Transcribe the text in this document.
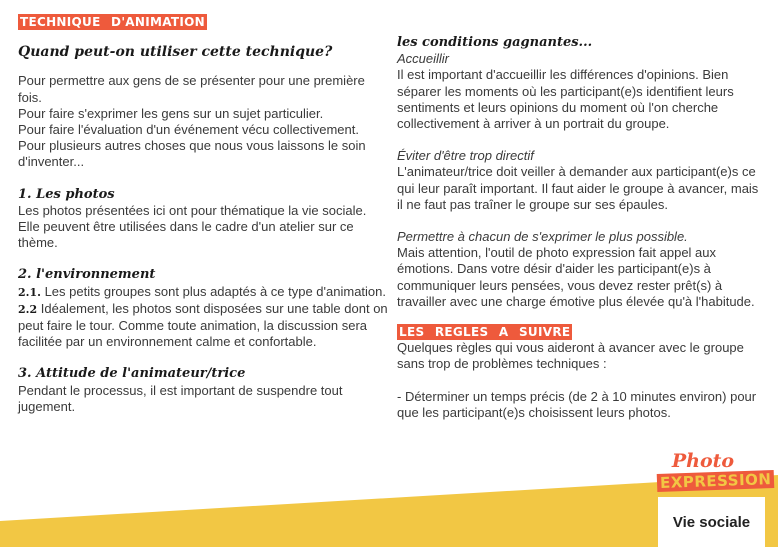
TECHNIQUE D'ANIMATION

Quand peut-on utiliser cette technique?

Pour permettre aux gens de se présenter pour une première fois.

Pour faire s'exprimer les gens sur un sujet particulier.

Pour faire l'évaluation d'un événement vécu collectivement.

Pour plusieurs autres choses que nous vous laissons le soin d'inventer...

1. Les photos

Les photos présentées ici ont pour thématique la vie sociale. Elle peuvent être utilisées dans le cadre d'un atelier sur ce thème.

2. l'environnement

2.1. Les petits groupes sont plus adaptés à ce type d'animation.

2.2 Idéalement, les photos sont disposées sur une table dont on peut faire le tour. Comme toute animation, la discussion sera facilitée par un environnement calme et confortable.

3. Attitude de l'animateur/trice

Pendant le processus, il est important de suspendre tout jugement.

les conditions gagnantes...

Accueillir

Il est important d'accueillir les différences d'opinions. Bien séparer les moments où les participant(e)s identifient leurs sentiments et leurs opinions du moment où l'on cherche collectivement à arriver à un portrait du groupe.

Éviter d'être trop directif

L'animateur/trice doit veiller à demander aux participant(e)s ce qui leur paraît important. Il faut aider le groupe à avancer, mais il ne faut pas traîner le groupe sur ses épaules.

Permettre à chacun de s'exprimer le plus possible.

Mais attention, l'outil de photo expression fait appel aux émotions. Dans votre désir d'aider les participant(e)s à communiquer leurs pensées, vous devez rester prêt(s) à travailler avec une charge émotive plus élevée qu'à l'habitude.

LES REGLES A SUIVRE

Quelques règles qui vous aideront à avancer avec le groupe sans trop de problèmes techniques :

- Déterminer un temps précis (de 2 à 10 minutes environ) pour que les participant(e)s choisissent leurs photos.

Photo
EXPRESSION
Vie sociale
